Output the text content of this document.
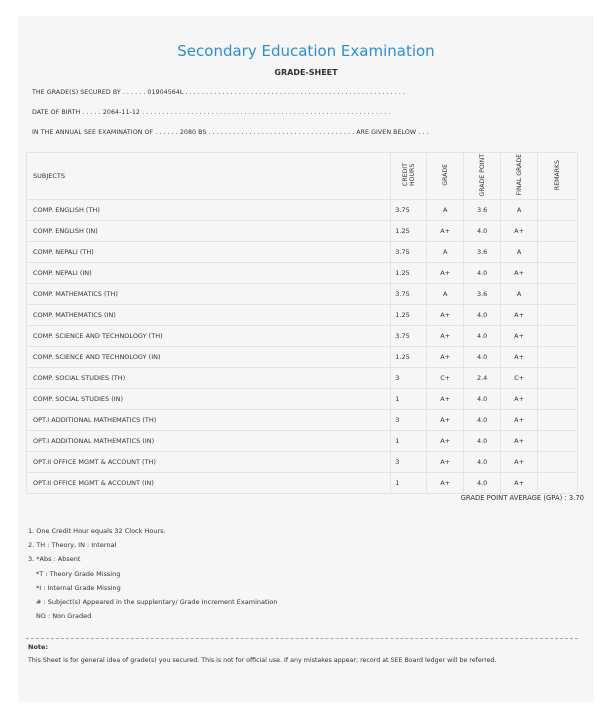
Secondary Education Examination
GRADE-SHEET
THE GRADE(S) SECURED BY . . . . . . 01904564L . . . . . . . . . . . . . . . . . . . . . . . . . . . . . . . . . . . . . . . . . . . . . . . . . . . . . .
DATE OF BIRTH . . . . . 2064-11-12 . . . . . . . . . . . . . . . . . . . . . . . . . . . . . . . . . . . . . . . . . . . . . . . . . . . . . . . . . . . . .
IN THE ANNUAL SEE EXAMINATION OF . . . . . . 2080 BS . . . . . . . . . . . . . . . . . . . . . . . . . . . . . . . . . . . . ARE GIVEN BELOW . . .
SUBJECTS	CREDIT HOURS	GRADE	GRADE POINT	FINAL GRADE	REMARKS
COMP. ENGLISH (TH)	3.75	A	3.6	A	
COMP. ENGLISH (IN)	1.25	A+	4.0	A+	
COMP. NEPALI (TH)	3.75	A	3.6	A	
COMP. NEPALI (IN)	1.25	A+	4.0	A+	
COMP. MATHEMATICS (TH)	3.75	A	3.6	A	
COMP. MATHEMATICS (IN)	1.25	A+	4.0	A+	
COMP. SCIENCE AND TECHNOLOGY (TH)	3.75	A+	4.0	A+	
COMP. SCIENCE AND TECHNOLOGY (IN)	1.25	A+	4.0	A+	
COMP. SOCIAL STUDIES (TH)	3	C+	2.4	C+	
COMP. SOCIAL STUDIES (IN)	1	A+	4.0	A+	
OPT.I ADDITIONAL MATHEMATICS (TH)	3	A+	4.0	A+	
OPT.I ADDITIONAL MATHEMATICS (IN)	1	A+	4.0	A+	
OPT.II OFFICE MGMT & ACCOUNT (TH)	3	A+	4.0	A+	
OPT.II OFFICE MGMT & ACCOUNT (IN)	1	A+	4.0	A+	
GRADE POINT AVERAGE (GPA) : 3.70
1. One Credit Hour equals 32 Clock Hours.
2. TH : Theory, IN : Internal
3. *Abs : Absent
*T : Theory Grade Missing
*I : Internal Grade Missing
# : Subject(s) Appeared in the supplentary/ Grade Increment Examination
NG : Non Graded
Note:
This Sheet is for general idea of grade(s) you secured. This is not for official use. If any mistakes appear; record at SEE Board ledger will be referred.
